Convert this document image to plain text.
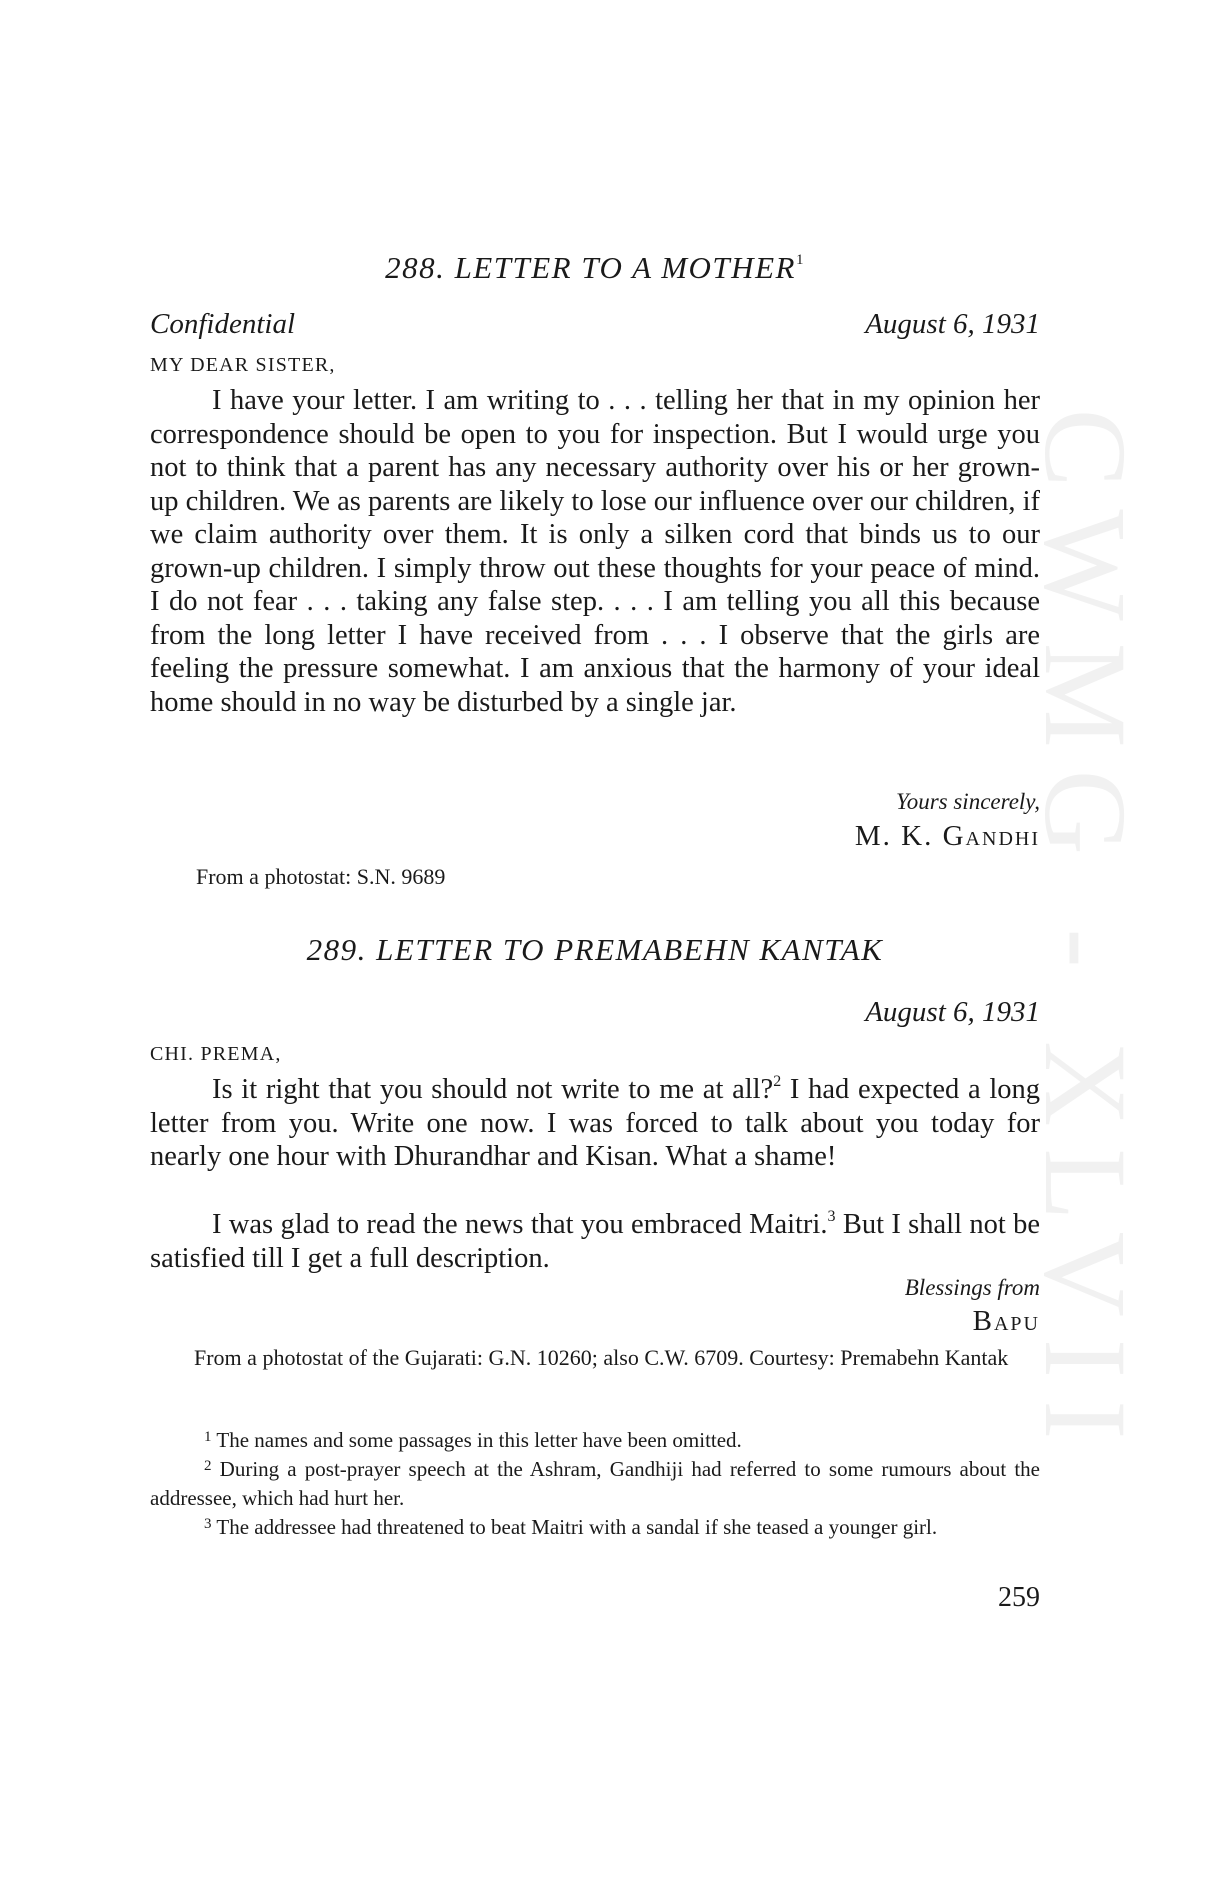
CWMG - XLVII
288. LETTER TO A MOTHER$^1$
Confidential	August 6, 1931
MY DEAR SISTER,
I have your letter. I am writing to . . . telling her that in my opinion her correspondence should be open to you for inspection. But I would urge you not to think that a parent has any necessary authority over his or her grown-up children. We as parents are likely to lose our influence over our children, if we claim authority over them. It is only a silken cord that binds us to our grown-up children. I simply throw out these thoughts for your peace of mind. I do not fear . . . taking any false step. . . . I am telling you all this because from the long letter I have received from . . . I observe that the girls are feeling the pressure somewhat. I am anxious that the harmony of your ideal home should in no way be disturbed by a single jar.
Yours sincerely,
M. K. Gandhi
From a photostat: S.N. 9689
289. LETTER TO PREMABEHN KANTAK
August 6, 1931
CHI. PREMA,
Is it right that you should not write to me at all?$^2$ I had expected a long letter from you. Write one now. I was forced to talk about you today for nearly one hour with Dhurandhar and Kisan. What a shame!
I was glad to read the news that you embraced Maitri.$^3$ But I shall not be satisfied till I get a full description.
Blessings from
Bapu
From a photostat of the Gujarati: G.N. 10260; also C.W. 6709. Courtesy: Premabehn Kantak
$^1$ The names and some passages in this letter have been omitted.
$^2$ During a post-prayer speech at the Ashram, Gandhiji had referred to some rumours about the addressee, which had hurt her.
$^3$ The addressee had threatened to beat Maitri with a sandal if she teased a younger girl.
259
